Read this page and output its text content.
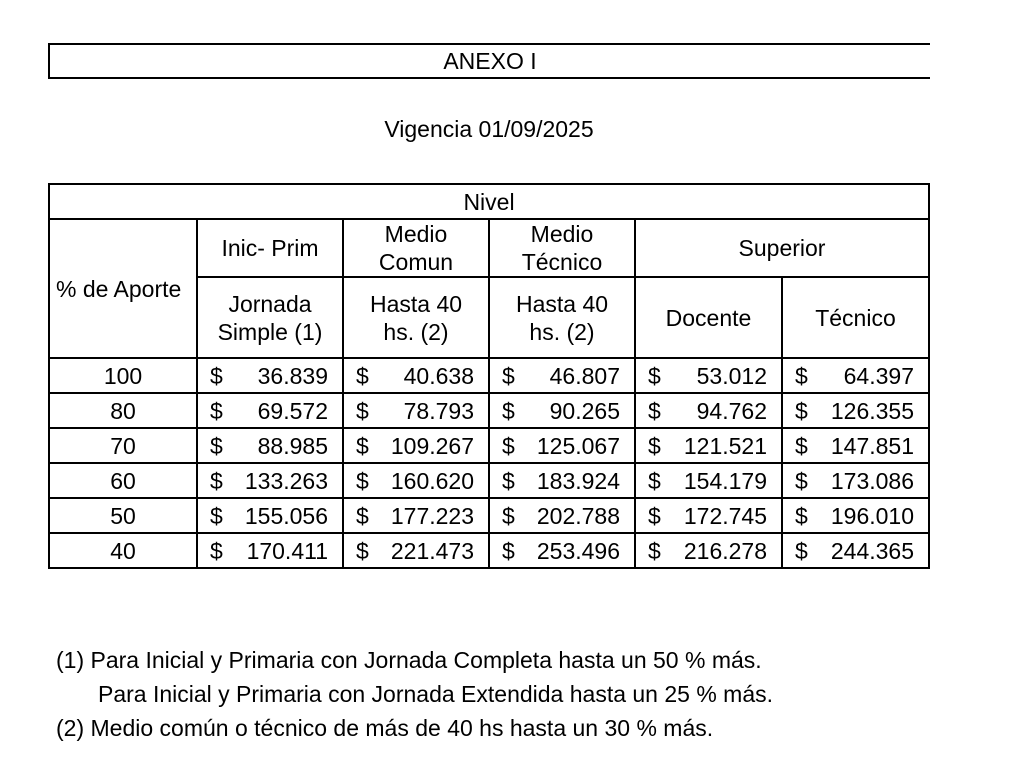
ANEXO I
Vigencia 01/09/2025
Nivel					
% de Aporte	Inic- Prim	Medio Comun	Medio Técnico	Superior	

	Jornada Simple (1)	Hasta 40 hs. (2)	Hasta 40 hs. (2)	Docente	Técnico
100	$ 36.839	$ 40.638	$ 46.807	$ 53.012	$ 64.397

80	$ 69.572	$ 78.793	$ 90.265	$ 94.762	$ 126.355

70	$ 88.985	$ 109.267	$ 125.067	$ 121.521	$ 147.851

60	$ 133.263	$ 160.620	$ 183.924	$ 154.179	$ 173.086

50	$ 155.056	$ 177.223	$ 202.788	$ 172.745	$ 196.010

40	$ 170.411	$ 221.473	$ 253.496	$ 216.278	$ 244.365
(1) Para Inicial y Primaria con Jornada Completa hasta un 50 % más.
Para Inicial y Primaria con Jornada Extendida hasta un 25 % más.
(2) Medio común o técnico de más de 40 hs hasta un 30 % más.
